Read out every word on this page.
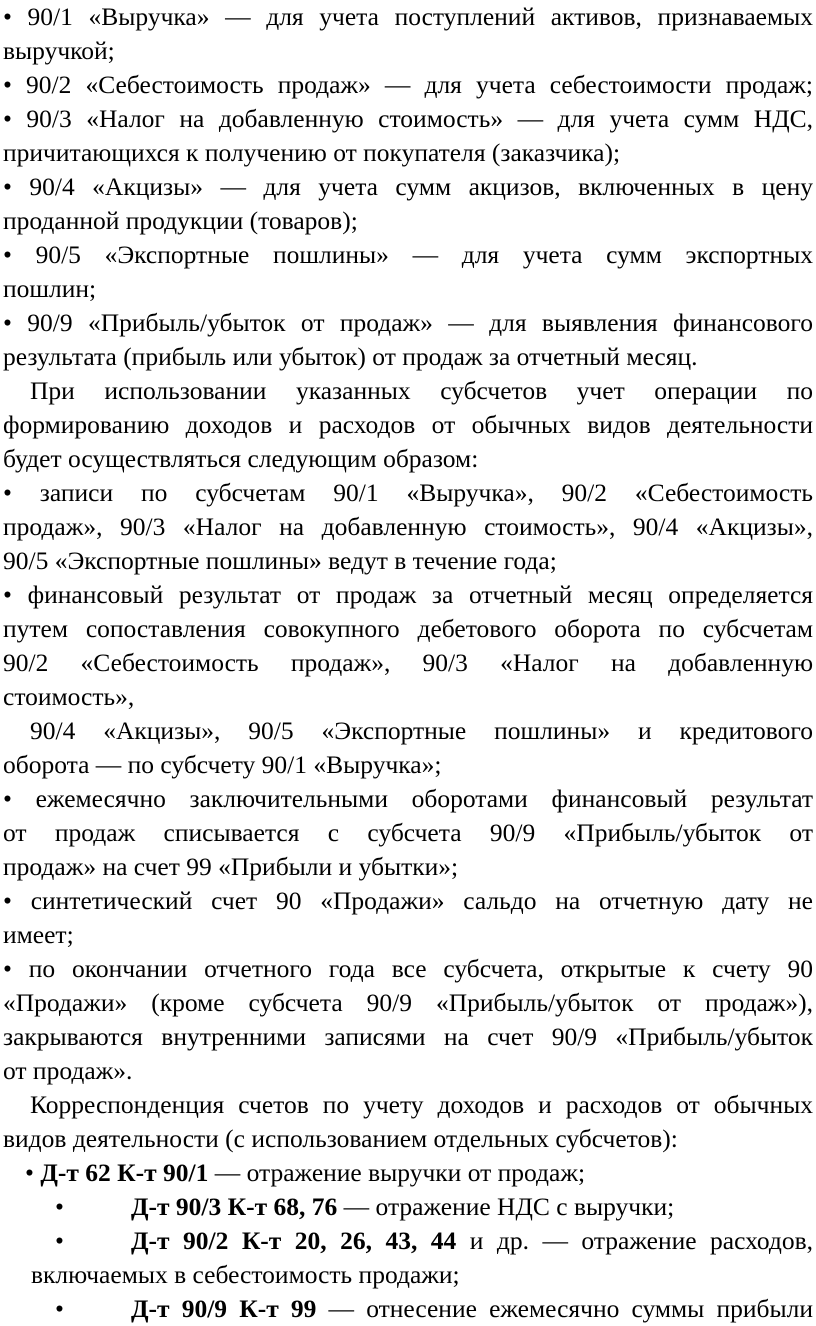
• 90/1 «Выручка» — для учета поступлений активов, признаваемых
выручкой;
• 90/2 «Себестоимость продаж» — для учета себестоимости продаж;
• 90/3 «Налог на добавленную стоимость» — для учета сумм НДС,
причитающихся к получению от покупателя (заказчика);
• 90/4 «Акцизы» — для учета сумм акцизов, включенных в цену
проданной продукции (товаров);
• 90/5 «Экспортные пошлины» — для учета сумм экспортных
пошлин;
• 90/9 «Прибыль/убыток от продаж» — для выявления финансового
результата (прибыль или убыток) от продаж за отчетный месяц.
При использовании указанных субсчетов учет операции по
формированию доходов и расходов от обычных видов деятельности
будет осуществляться следующим образом:
• записи по субсчетам 90/1 «Выручка», 90/2 «Себестоимость
продаж», 90/3 «Налог на добавленную стоимость», 90/4 «Акцизы»,
90/5 «Экспортные пошлины» ведут в течение года;
• финансовый результат от продаж за отчетный месяц определяется
путем сопоставления совокупного дебетового оборота по субсчетам
90/2 «Себестоимость продаж», 90/3 «Налог на добавленную
стоимость»,
90/4 «Акцизы», 90/5 «Экспортные пошлины» и кредитового
оборота — по субсчету 90/1 «Выручка»;
• ежемесячно заключительными оборотами финансовый результат
от продаж списывается с субсчета 90/9 «Прибыль/убыток от
продаж» на счет 99 «Прибыли и убытки»;
• синтетический счет 90 «Продажи» сальдо на отчетную дату не
имеет;
• по окончании отчетного года все субсчета, открытые к счету 90
«Продажи» (кроме субсчета 90/9 «Прибыль/убыток от продаж»),
закрываются внутренними записями на счет 90/9 «Прибыль/убыток
от продаж».
Корреспонденция счетов по учету доходов и расходов от обычных
видов деятельности (с использованием отдельных субсчетов):
• Д-т 62 К-т 90/1 — отражение выручки от продаж;
•	Д-т 90/3 К-т 68, 76 — отражение НДС с выручки;
•	Д-т 90/2 К-т 20, 26, 43, 44 и др. — отражение расходов,
включаемых в себестоимость продажи;
•	Д-т 90/9 К-т 99 — отнесение ежемесячно суммы прибыли
